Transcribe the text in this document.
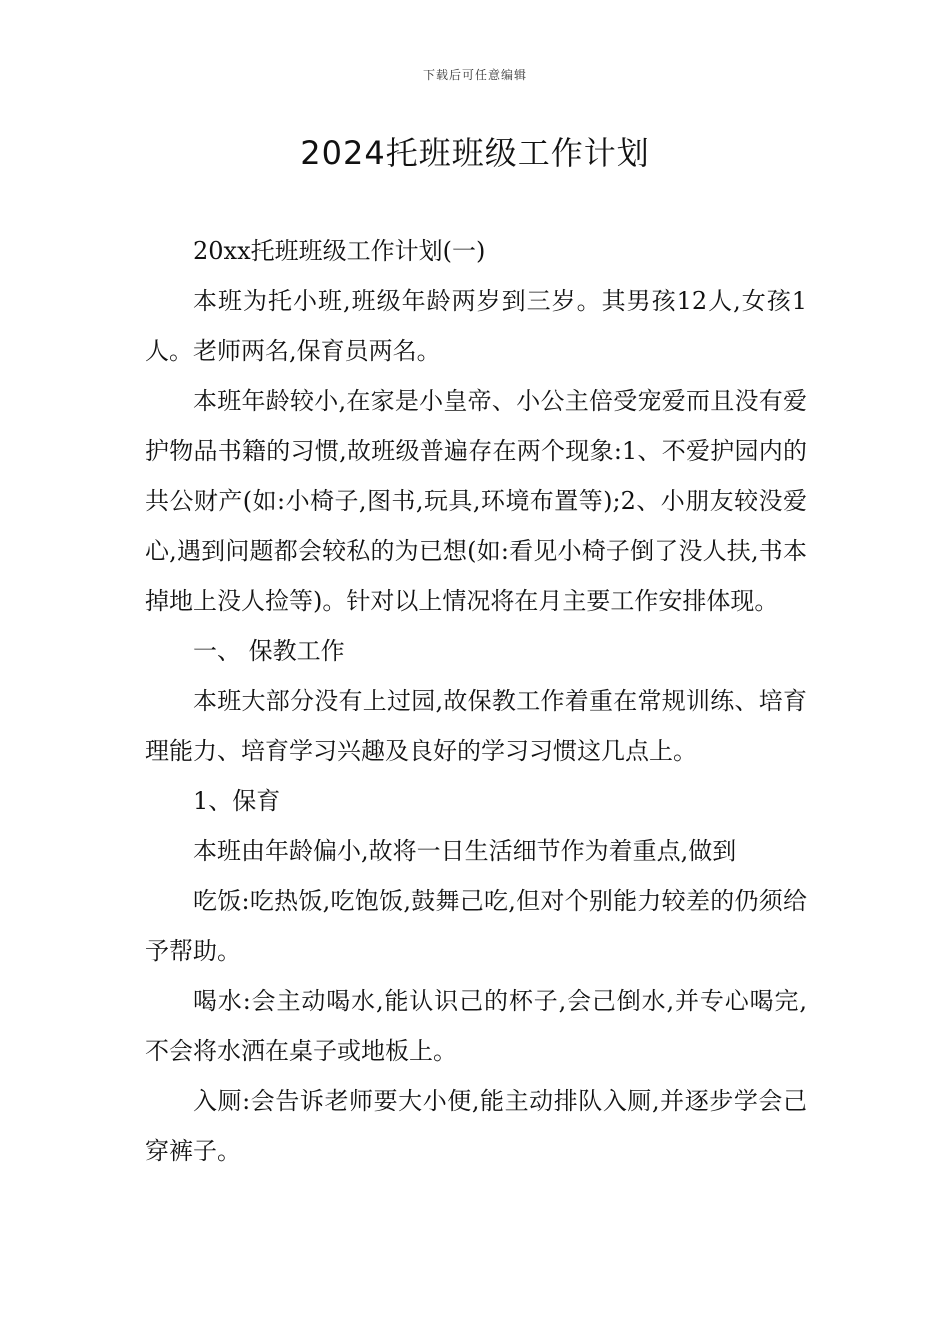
下载后可任意编辑
2024托班班级工作计划

20xx托班班级工作计划(一)

本班为托小班,班级年龄两岁到三岁。其男孩12人,女孩1人。老师两名,保育员两名。

本班年龄较小,在家是小皇帝、小公主倍受宠爱而且没有爱护物品书籍的习惯,故班级普遍存在两个现象:1、不爱护园内的共公财产(如:小椅子,图书,玩具,环境布置等);2、小朋友较没爱心,遇到问题都会较私的为已想(如:看见小椅子倒了没人扶,书本掉地上没人捡等)。针对以上情况将在月主要工作安排体现。

一、 保教工作

本班大部分没有上过园,故保教工作着重在常规训练、培育理能力、培育学习兴趣及良好的学习习惯这几点上。

1、保育

本班由年龄偏小,故将一日生活细节作为着重点,做到

吃饭:吃热饭,吃饱饭,鼓舞己吃,但对个别能力较差的仍须给予帮助。

喝水:会主动喝水,能认识己的杯子,会己倒水,并专心喝完,不会将水洒在桌子或地板上。

入厕:会告诉老师要大小便,能主动排队入厕,并逐步学会己穿裤子。
